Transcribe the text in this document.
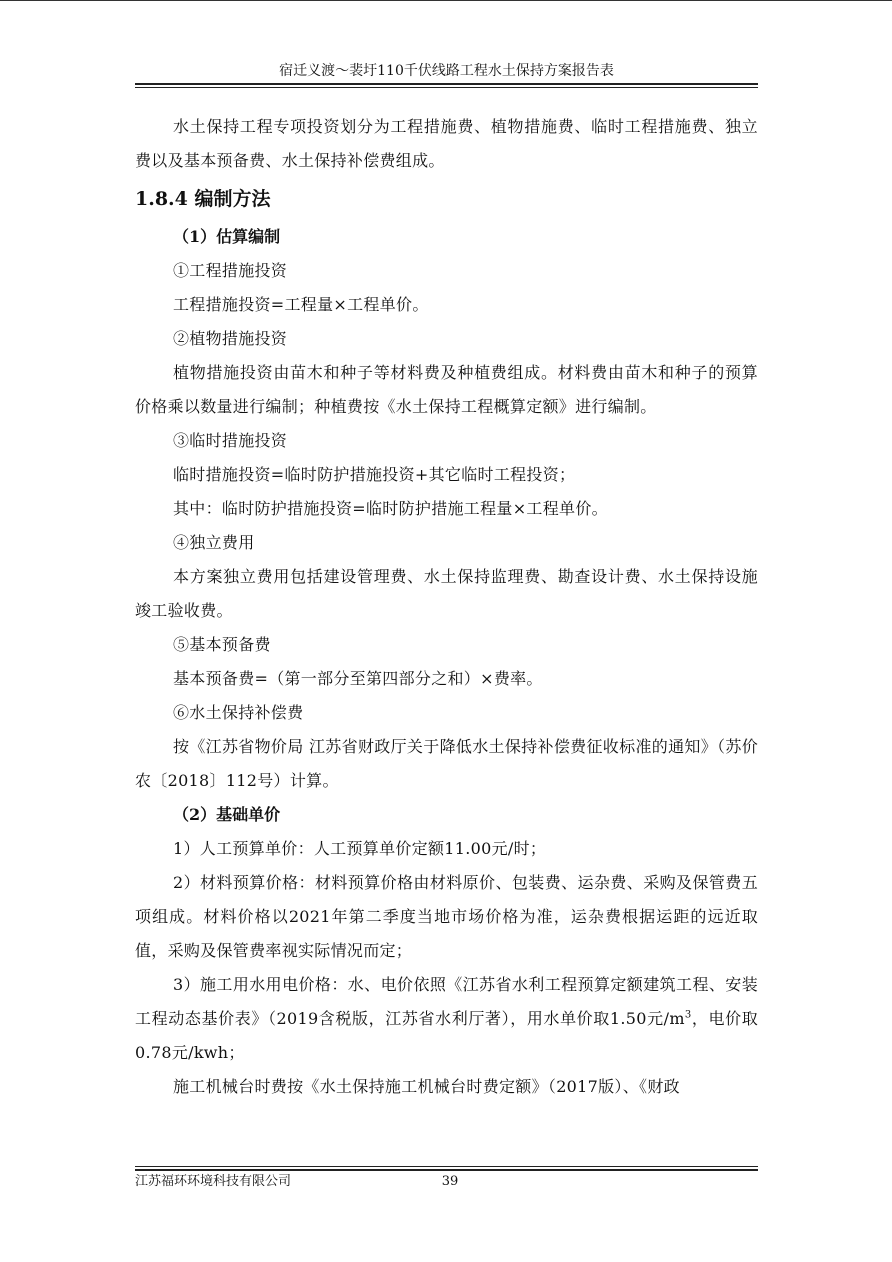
宿迁义渡～裴圩110千伏线路工程水土保持方案报告表

水土保持工程专项投资划分为工程措施费、植物措施费、临时工程措施费、独立费以及基本预备费、水土保持补偿费组成。

1.8.4 编制方法

（1）估算编制

①工程措施投资

工程措施投资=工程量×工程单价。

②植物措施投资

植物措施投资由苗木和种子等材料费及种植费组成。材料费由苗木和种子的预算价格乘以数量进行编制；种植费按《水土保持工程概算定额》进行编制。

③临时措施投资

临时措施投资=临时防护措施投资+其它临时工程投资；

其中：临时防护措施投资=临时防护措施工程量×工程单价。

④独立费用

本方案独立费用包括建设管理费、水土保持监理费、勘查设计费、水土保持设施竣工验收费。

⑤基本预备费

基本预备费=（第一部分至第四部分之和）×费率。

⑥水土保持补偿费

按《江苏省物价局 江苏省财政厅关于降低水土保持补偿费征收标准的通知》（苏价农〔2018〕112号）计算。

（2）基础单价

1）人工预算单价：人工预算单价定额11.00元/时；

2）材料预算价格：材料预算价格由材料原价、包装费、运杂费、采购及保管费五项组成。材料价格以2021年第二季度当地市场价格为准，运杂费根据运距的远近取值，采购及保管费率视实际情况而定；

3）施工用水用电价格：水、电价依照《江苏省水利工程预算定额建筑工程、安装工程动态基价表》（2019含税版，江苏省水利厅著），用水单价取1.50元$/m^3$，电价取0.78元/kwh；

施工机械台时费按《水土保持施工机械台时费定额》（2017版）、《财政

江苏福环环境科技有限公司	39
